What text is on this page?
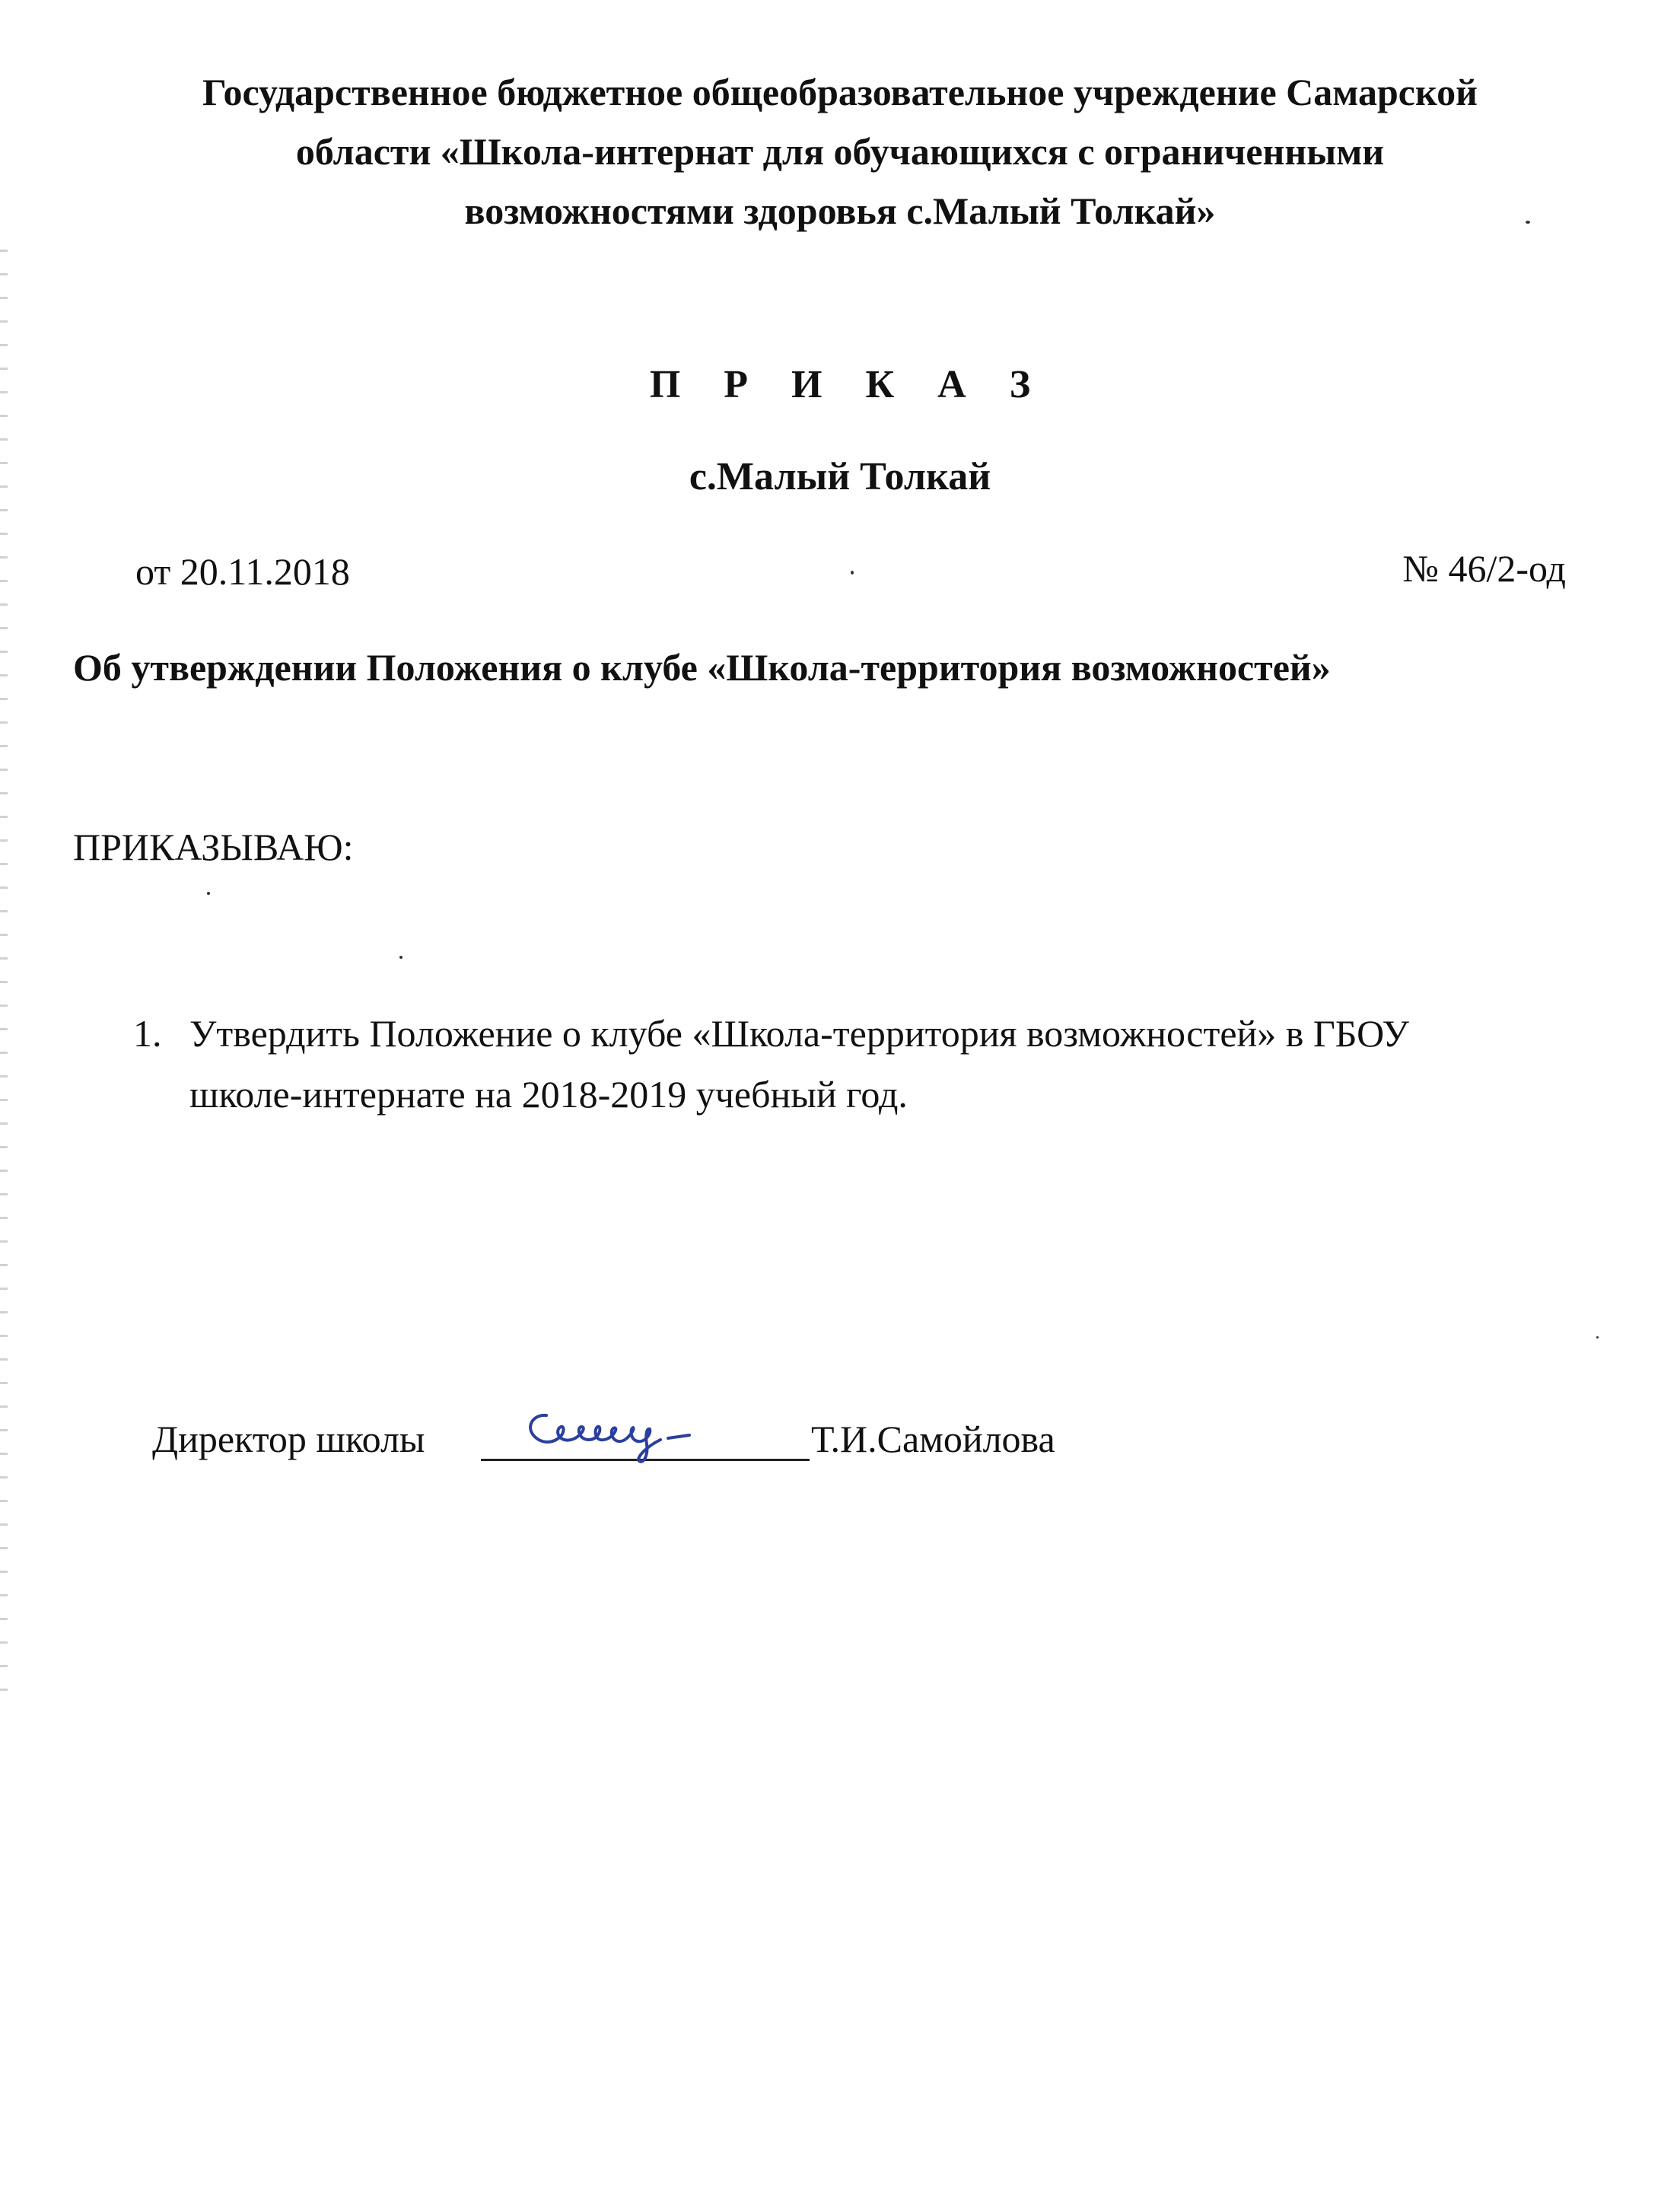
Государственное бюджетное общеобразовательное учреждение Самарской
области «Школа-интернат для обучающихся с ограниченными
возможностями здоровья с.Малый Толкай»
П Р И К А З
с.Малый Толкай
от 20.11.2018	№ 46/2-од
Об утверждении Положения о клубе «Школа-территория возможностей»
ПРИКАЗЫВАЮ:
1. Утвердить Положение о клубе «Школа-территория возможностей» в ГБОУ
школе-интернате на 2018-2019 учебный год.
Директор школы	Т.И.Самойлова
